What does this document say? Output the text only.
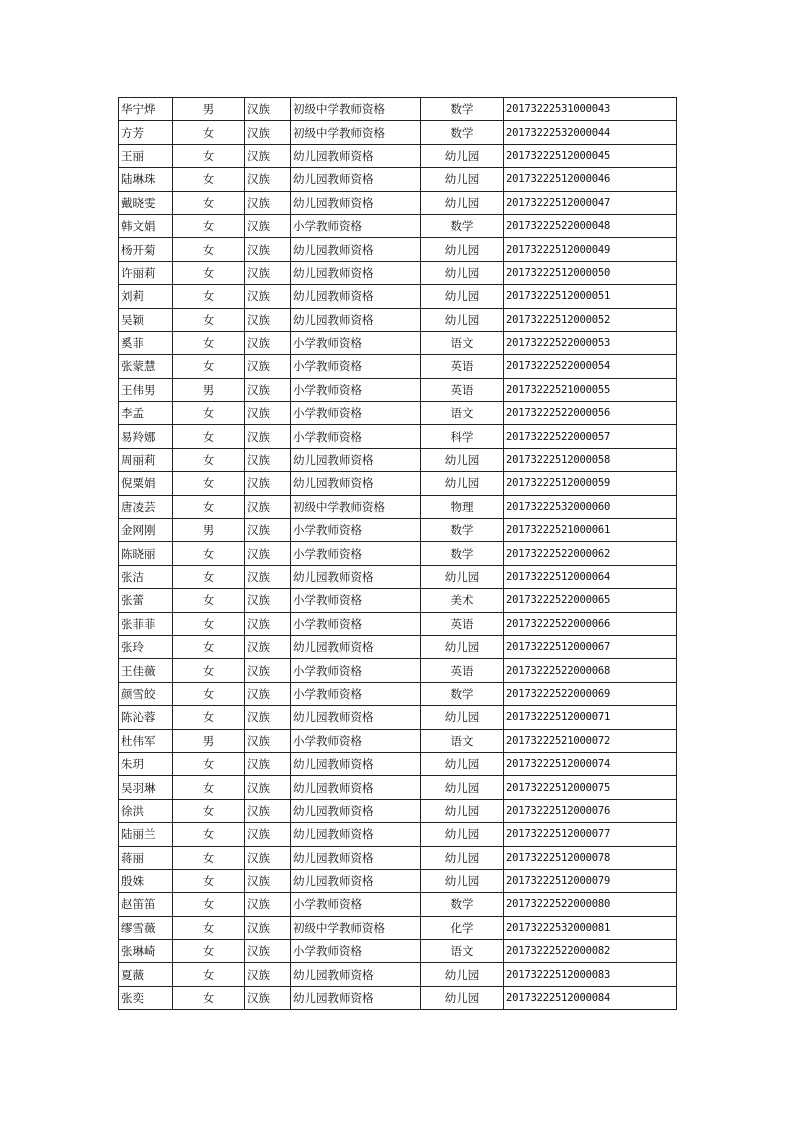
华宁烨	男	汉族	初级中学教师资格	数学	20173222531000043
方芳	女	汉族	初级中学教师资格	数学	20173222532000044
王丽	女	汉族	幼儿园教师资格	幼儿园	20173222512000045
陆琳珠	女	汉族	幼儿园教师资格	幼儿园	20173222512000046
戴晓雯	女	汉族	幼儿园教师资格	幼儿园	20173222512000047
韩文娟	女	汉族	小学教师资格	数学	20173222522000048
杨开菊	女	汉族	幼儿园教师资格	幼儿园	20173222512000049
许丽莉	女	汉族	幼儿园教师资格	幼儿园	20173222512000050
刘莉	女	汉族	幼儿园教师资格	幼儿园	20173222512000051
吴颖	女	汉族	幼儿园教师资格	幼儿园	20173222512000052
奚菲	女	汉族	小学教师资格	语文	20173222522000053
张蒙慧	女	汉族	小学教师资格	英语	20173222522000054
王伟男	男	汉族	小学教师资格	英语	20173222521000055
李孟	女	汉族	小学教师资格	语文	20173222522000056
易羚娜	女	汉族	小学教师资格	科学	20173222522000057
周丽莉	女	汉族	幼儿园教师资格	幼儿园	20173222512000058
倪粟娟	女	汉族	幼儿园教师资格	幼儿园	20173222512000059
唐凌芸	女	汉族	初级中学教师资格	物理	20173222532000060
金网刚	男	汉族	小学教师资格	数学	20173222521000061
陈晓丽	女	汉族	小学教师资格	数学	20173222522000062
张洁	女	汉族	幼儿园教师资格	幼儿园	20173222512000064
张蕾	女	汉族	小学教师资格	美术	20173222522000065
张菲菲	女	汉族	小学教师资格	英语	20173222522000066
张玲	女	汉族	幼儿园教师资格	幼儿园	20173222512000067
王佳薇	女	汉族	小学教师资格	英语	20173222522000068
颜雪皎	女	汉族	小学教师资格	数学	20173222522000069
陈沁蓉	女	汉族	幼儿园教师资格	幼儿园	20173222512000071
杜伟军	男	汉族	小学教师资格	语文	20173222521000072
朱玥	女	汉族	幼儿园教师资格	幼儿园	20173222512000074
吴羽琳	女	汉族	幼儿园教师资格	幼儿园	20173222512000075
徐洪	女	汉族	幼儿园教师资格	幼儿园	20173222512000076
陆丽兰	女	汉族	幼儿园教师资格	幼儿园	20173222512000077
蒋丽	女	汉族	幼儿园教师资格	幼儿园	20173222512000078
殷姝	女	汉族	幼儿园教师资格	幼儿园	20173222512000079
赵笛笛	女	汉族	小学教师资格	数学	20173222522000080
缪雪薇	女	汉族	初级中学教师资格	化学	20173222532000081
张琳崎	女	汉族	小学教师资格	语文	20173222522000082
夏薇	女	汉族	幼儿园教师资格	幼儿园	20173222512000083
张奕	女	汉族	幼儿园教师资格	幼儿园	20173222512000084
